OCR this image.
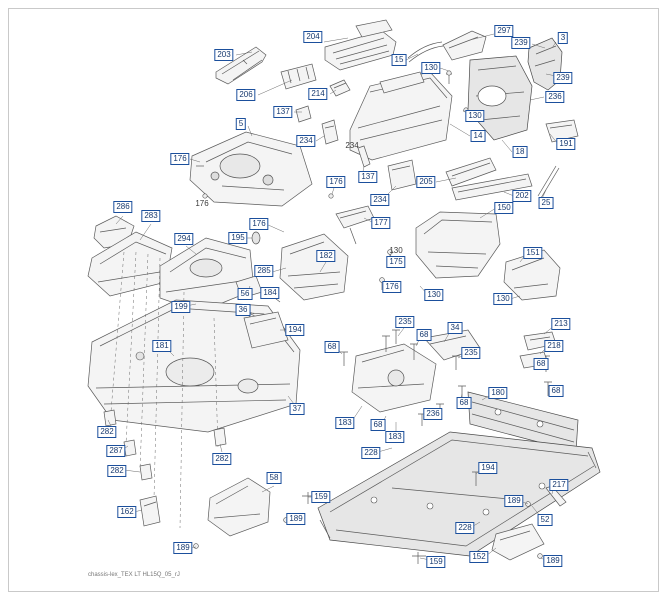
203
204
297
239
3
15
130
239
206	214	236
137	130
234
5
14
18
191
176
137
205
202
25
234
176
286
283
150
176	177
294	195
151
182
175
285
176
130	130
184
56
199	36
194
235
34	213
68
218
235
68
181
180
68
68
68
236
183	68
183
37
282
287
282
282
228
194
162
58
159
189
189
189
217
52
228
152	189
159
130
176
234
chassis-lex_TEX LT HL15Q_05_rJ
